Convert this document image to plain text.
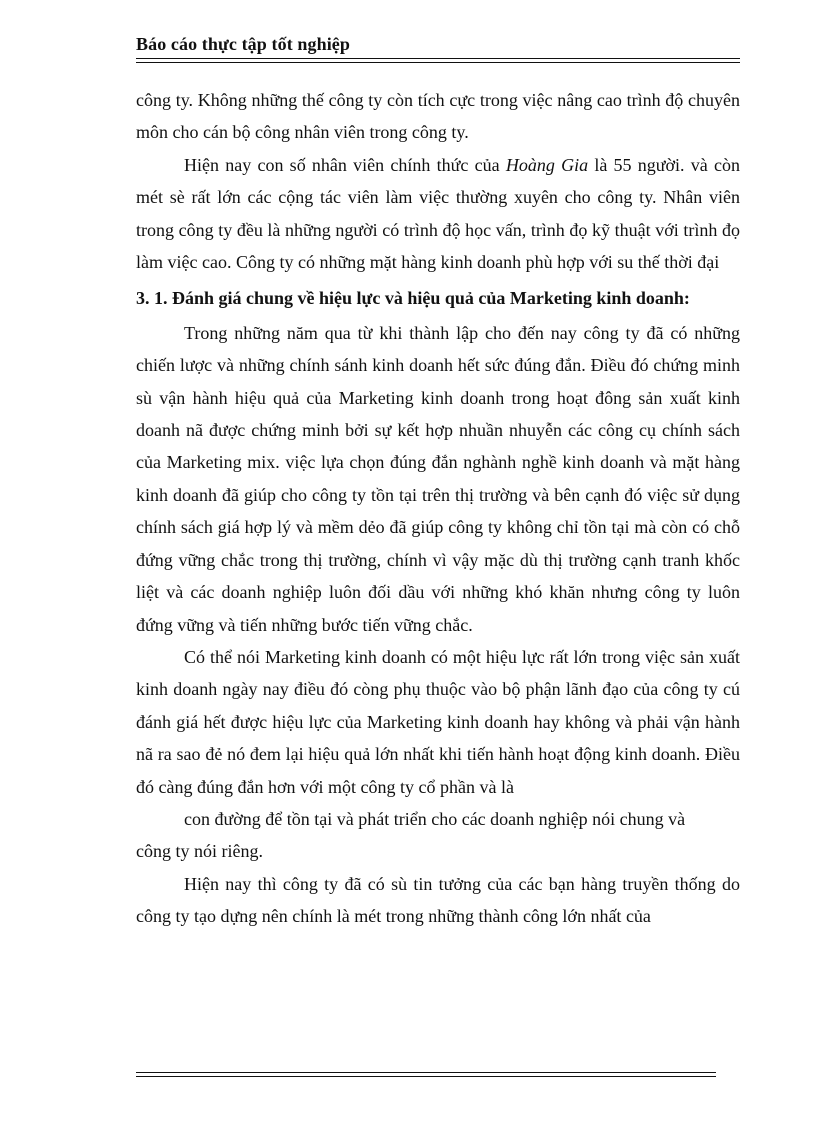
Báo cáo thực tập tốt nghiệp

công ty. Không những thế công ty còn tích cực trong việc nâng cao trình độ chuyên môn cho cán bộ công nhân viên trong công ty.

Hiện nay con số nhân viên chính thức của Hoàng Gia là 55 người. và còn mét sè rất lớn các cộng tác viên làm việc thường xuyên cho công ty. Nhân viên trong công ty đều là những người có trình độ học vấn, trình đọ kỹ thuật với trình đọ làm việc cao. Công ty có những mặt hàng kinh doanh phù hợp với su thế thời đại

3. 1. Đánh giá chung về hiệu lực và hiệu quả của Marketing kinh doanh:

Trong những năm qua từ khi thành lập cho đến nay công ty đã có những chiến lược và những chính sánh kinh doanh hết sức đúng đắn. Điều đó chứng minh sù vận hành hiệu quả của Marketing kinh doanh trong hoạt đông sản xuất kinh doanh nã được chứng minh bởi sự kết hợp nhuần nhuyễn các công cụ chính sách của Marketing mix. việc lựa chọn đúng đắn nghành nghề kinh doanh và mặt hàng kinh doanh đã giúp cho công ty tồn tại trên thị trường và bên cạnh đó việc sử dụng chính sách giá hợp lý và mềm dẻo đã giúp công ty không chỉ tồn tại mà còn có chỗ đứng vững chắc trong thị trường, chính vì vậy mặc dù thị trường cạnh tranh khốc liệt và các doanh nghiệp luôn đối dầu với những khó khăn nhưng công ty luôn đứng vững và tiến những bước tiến vững chắc.

Có thể nói Marketing kinh doanh có một hiệu lực rất lớn trong việc sản xuất kinh doanh ngày nay điều đó còng phụ thuộc vào bộ phận lãnh đạo của công ty cú đánh giá hết được hiệu lực của Marketing kinh doanh hay không và phải vận hành nã ra sao đẻ nó đem lại hiệu quả lớn nhất khi tiến hành hoạt động kinh doanh. Điều đó càng đúng đắn hơn với một công ty cổ phần và là

con đường để tồn tại và phát triển cho các doanh nghiệp nói chung và

công ty nói riêng.

Hiện nay thì công ty đã có sù tin tưởng của các bạn hàng truyền thống do công ty tạo dựng nên chính là mét trong những thành công lớn nhất của
